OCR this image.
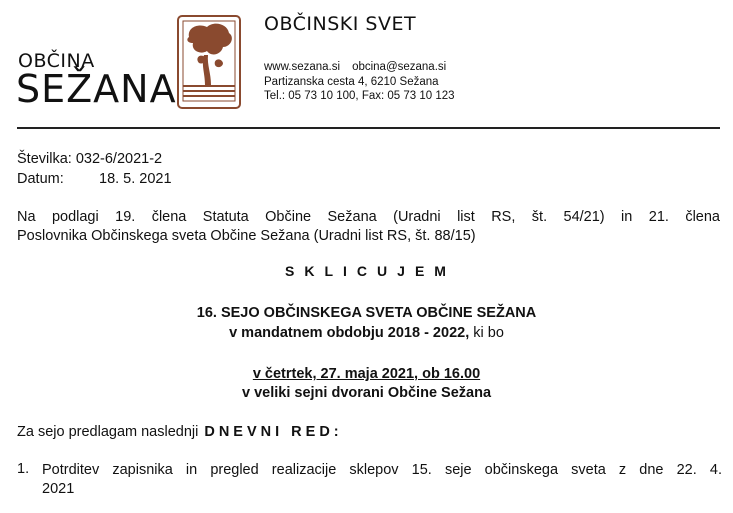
OBČINA
SEŽANA
OBČINSKI SVET
www.sezana.si obcina@sezana.si
Partizanska cesta 4, 6210 Sežana
Tel.: 05 73 10 100, Fax: 05 73 10 123
Številka: 032-6/2021-2
Datum: 18. 5. 2021
Na podlagi 19. člena Statuta Občine Sežana (Uradni list RS, št. 54/21) in 21. člena
Poslovnika Občinskega sveta Občine Sežana (Uradni list RS, št. 88/15)
SKLICUJEM
16. SEJO OBČINSKEGA SVETA OBČINE SEŽANA
v mandatnem obdobju 2018 - 2022, ki bo
v četrtek, 27. maja 2021, ob 16.00
v veliki sejni dvorani Občine Sežana
Za sejo predlagam naslednji DNEVNI RED:
1. Potrditev zapisnika in pregled realizacije sklepov 15. seje občinskega sveta z dne 22. 4.
2021
